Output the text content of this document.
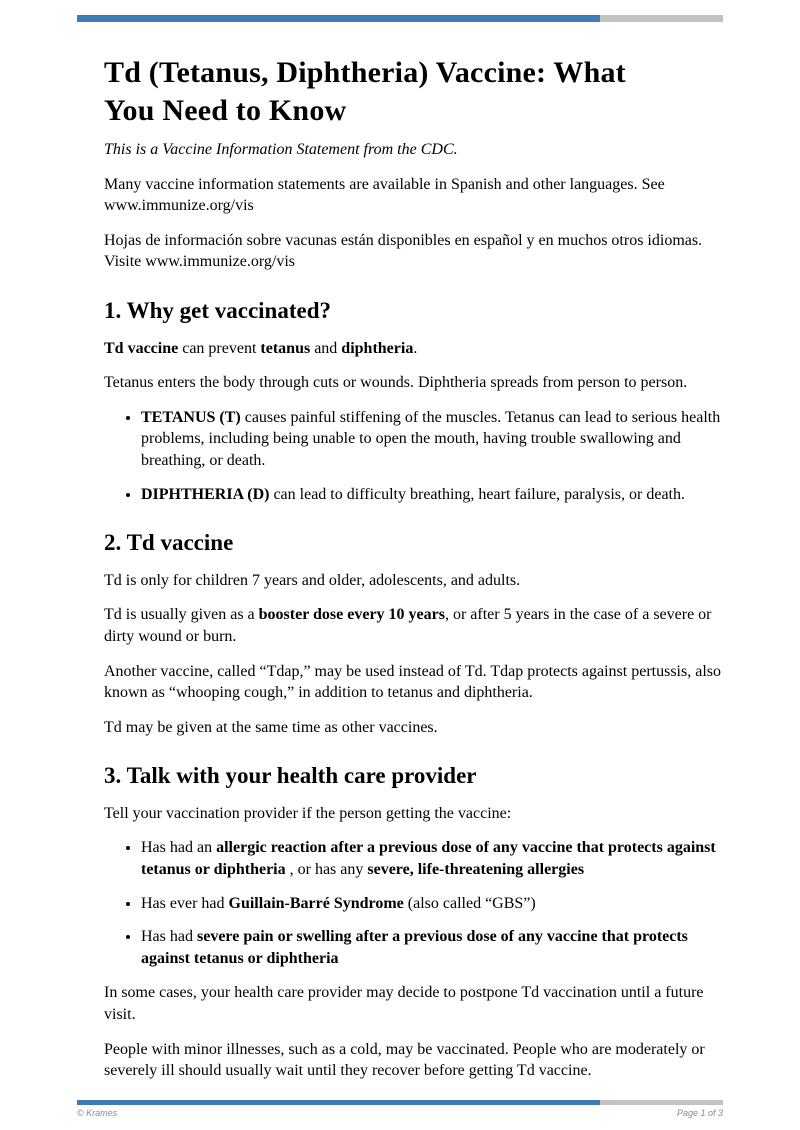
Td (Tetanus, Diphtheria) Vaccine: What
You Need to Know

This is a Vaccine Information Statement from the CDC.

Many vaccine information statements are available in Spanish and other languages. See www.immunize.org/vis

Hojas de información sobre vacunas están disponibles en español y en muchos otros idiomas. Visite www.immunize.org/vis

1. Why get vaccinated?

Td vaccine can prevent tetanus and diphtheria.

Tetanus enters the body through cuts or wounds. Diphtheria spreads from person to person.

• TETANUS (T) causes painful stiffening of the muscles. Tetanus can lead to serious health problems, including being unable to open the mouth, having trouble swallowing and breathing, or death.
• DIPHTHERIA (D) can lead to difficulty breathing, heart failure, paralysis, or death.
2. Td vaccine

Td is only for children 7 years and older, adolescents, and adults.

Td is usually given as a booster dose every 10 years, or after 5 years in the case of a severe or dirty wound or burn.

Another vaccine, called “Tdap,” may be used instead of Td. Tdap protects against pertussis, also known as “whooping cough,” in addition to tetanus and diphtheria.

Td may be given at the same time as other vaccines.

3. Talk with your health care provider

Tell your vaccination provider if the person getting the vaccine:

• Has had an allergic reaction after a previous dose of any vaccine that protects against tetanus or diphtheria , or has any severe, life-threatening allergies
• Has ever had Guillain-Barré Syndrome (also called “GBS”)
• Has had severe pain or swelling after a previous dose of any vaccine that protects against tetanus or diphtheria

In some cases, your health care provider may decide to postpone Td vaccination until a future visit.

People with minor illnesses, such as a cold, may be vaccinated. People who are moderately or severely ill should usually wait until they recover before getting Td vaccine.

© Krames	Page 1 of 3
